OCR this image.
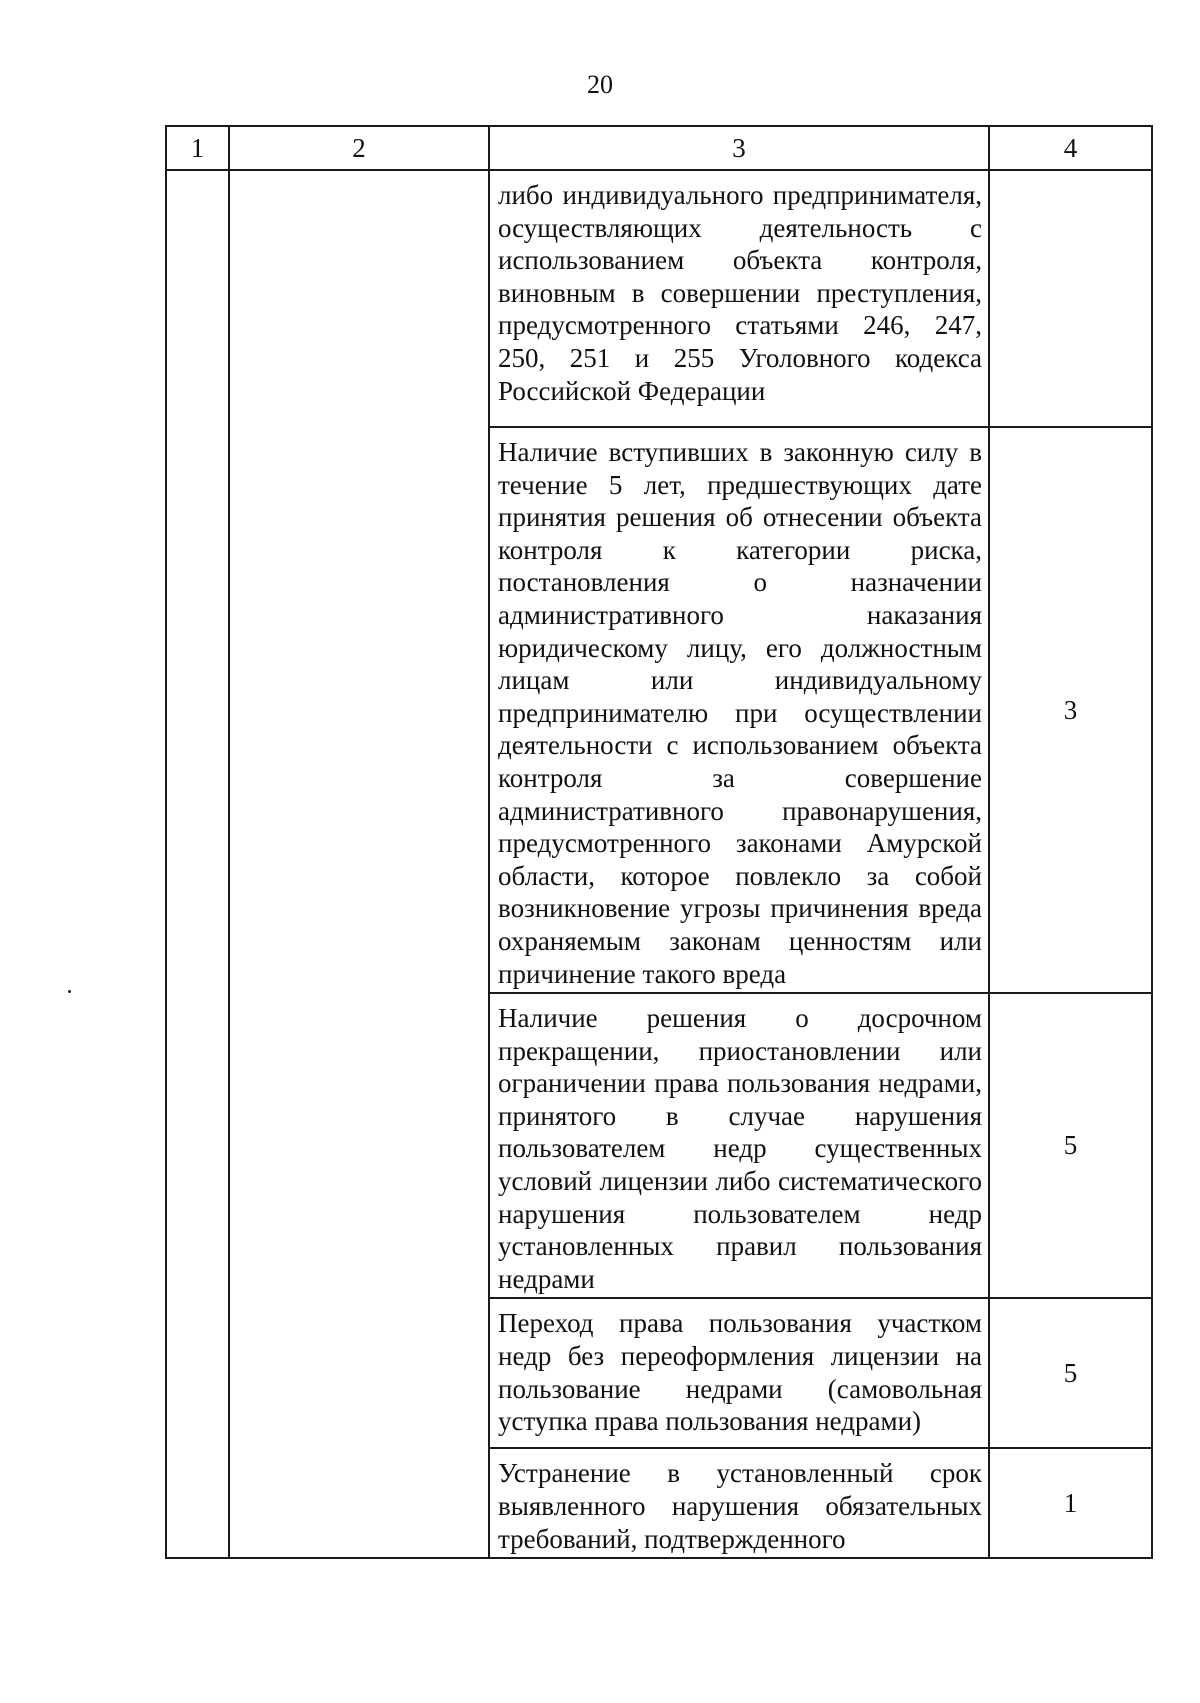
20
1	2	3	4
		либо индивидуального предпринимателя, осуществляющих деятельность с использованием объекта контроля, виновным в совершении преступления, предусмотренного статьями 246, 247, 250, 251 и 255 Уголовного кодекса Российской Федерации	
		Наличие вступивших в законную силу в течение 5 лет, предшествующих дате принятия решения об отнесении объекта контроля к категории риска, постановления о назначении административного наказания юридическому лицу, его должностным лицам или индивидуальному предпринимателю при осуществлении деятельности с использованием объекта контроля за совершение административного правонарушения, предусмотренного законами Амурской области, которое повлекло за собой возникновение угрозы причинения вреда охраняемым законам ценностям или причинение такого вреда	3
		Наличие решения о досрочном прекращении, приостановлении или ограничении права пользования недрами, принятого в случае нарушения пользователем недр существенных условий лицензии либо систематического нарушения пользователем недр установленных правил пользования недрами	5
		Переход права пользования участком недр без переоформления лицензии на пользование недрами (самовольная уступка права пользования недрами)	5
		Устранение в установленный срок выявленного нарушения обязательных требований, подтвержденного	1
